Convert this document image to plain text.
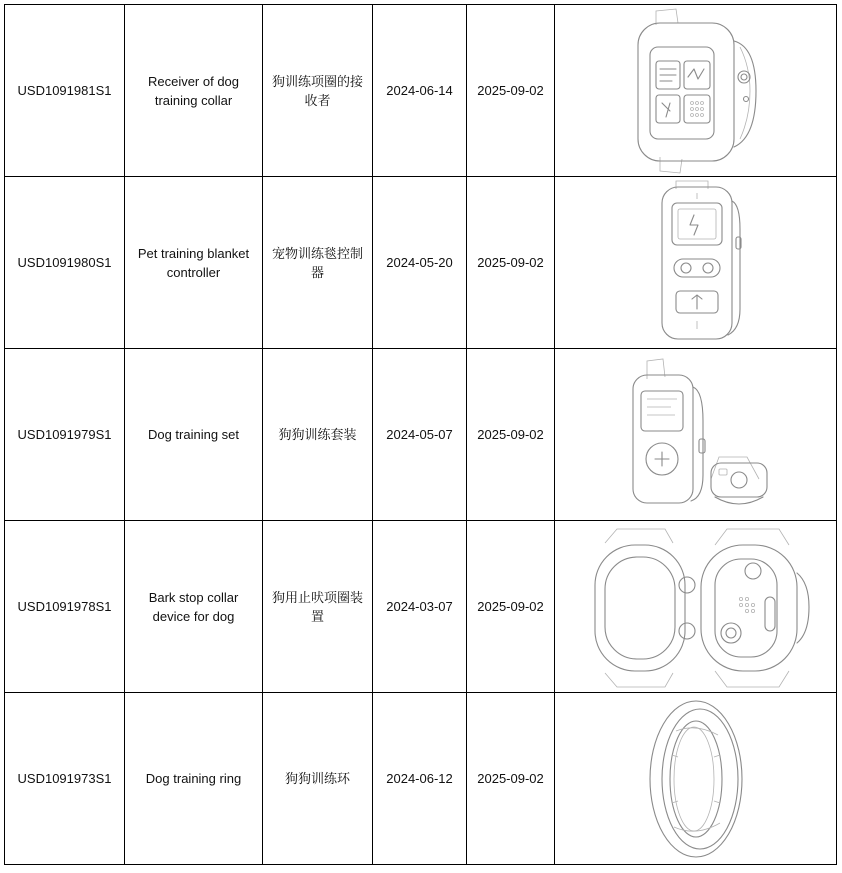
USD1091981S1	Receiver of dog training collar	狗训练项圈的接收者	2024-06-14	2025-09-02	

USD1091980S1	Pet training blanket controller	宠物训练毯控制器	2024-05-20	2025-09-02	

USD1091979S1	Dog training set	狗狗训练套装	2024-05-07	2025-09-02	

USD1091978S1	Bark stop collar device for dog	狗用止吠项圈装置	2024-03-07	2025-09-02	

USD1091973S1	Dog training ring	狗狗训练环	2024-06-12	2025-09-02	
